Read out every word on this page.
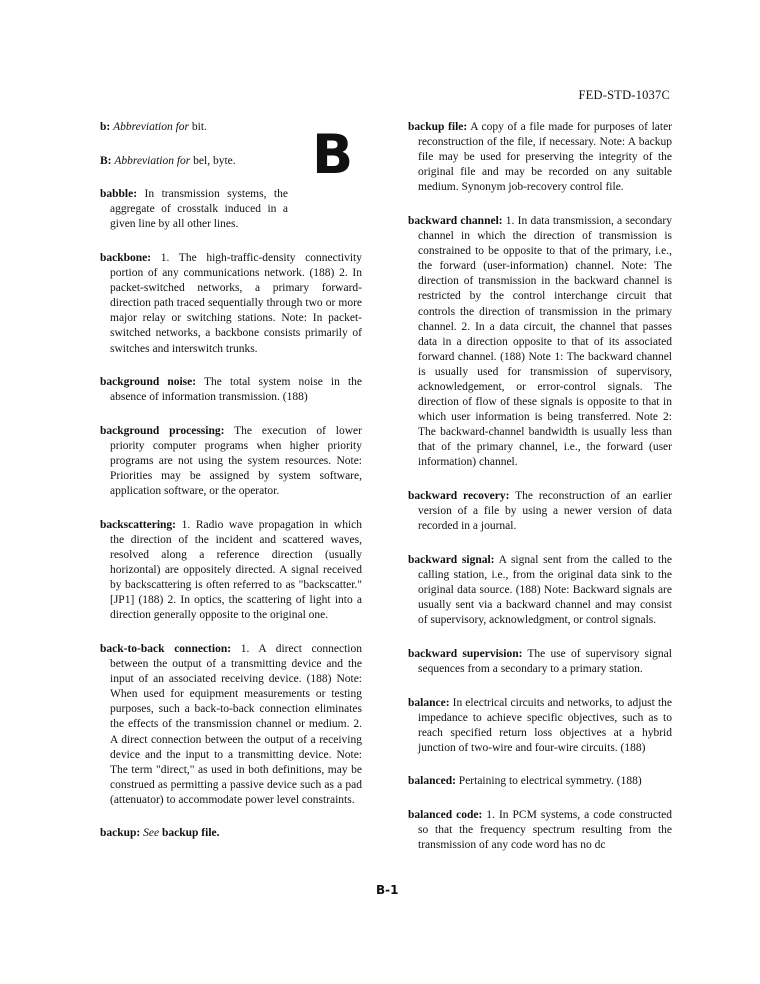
FED-STD-1037C
B

b: Abbreviation for bit.

B: Abbreviation for bel, byte.

babble: In transmission systems, the aggregate of crosstalk induced in a given line by all other lines.

backbone: 1. The high-traffic-density connectivity portion of any communications network. (188) 2. In packet-switched networks, a primary forward-direction path traced sequentially through two or more major relay or switching stations. Note: In packet-switched networks, a backbone consists primarily of switches and interswitch trunks.

background noise: The total system noise in the absence of information transmission. (188)

background processing: The execution of lower priority computer programs when higher priority programs are not using the system resources. Note: Priorities may be assigned by system software, application software, or the operator.

backscattering: 1. Radio wave propagation in which the direction of the incident and scattered waves, resolved along a reference direction (usually horizontal) are oppositely directed. A signal received by backscattering is often referred to as "backscatter." [JP1] (188) 2. In optics, the scattering of light into a direction generally opposite to the original one.

back-to-back connection: 1. A direct connection between the output of a transmitting device and the input of an associated receiving device. (188) Note: When used for equipment measurements or testing purposes, such a back-to-back connection eliminates the effects of the transmission channel or medium. 2. A direct connection between the output of a receiving device and the input to a transmitting device. Note: The term "direct," as used in both definitions, may be construed as permitting a passive device such as a pad (attenuator) to accommodate power level constraints.

backup: See backup file.

backup file: A copy of a file made for purposes of later reconstruction of the file, if necessary. Note: A backup file may be used for preserving the integrity of the original file and may be recorded on any suitable medium. Synonym job-recovery control file.

backward channel: 1. In data transmission, a secondary channel in which the direction of transmission is constrained to be opposite to that of the primary, i.e., the forward (user-information) channel. Note: The direction of transmission in the backward channel is restricted by the control interchange circuit that controls the direction of transmission in the primary channel. 2. In a data circuit, the channel that passes data in a direction opposite to that of its associated forward channel. (188) Note 1: The backward channel is usually used for transmission of supervisory, acknowledgement, or error-control signals. The direction of flow of these signals is opposite to that in which user information is being transferred. Note 2: The backward-channel bandwidth is usually less than that of the primary channel, i.e., the forward (user information) channel.

backward recovery: The reconstruction of an earlier version of a file by using a newer version of data recorded in a journal.

backward signal: A signal sent from the called to the calling station, i.e., from the original data sink to the original data source. (188) Note: Backward signals are usually sent via a backward channel and may consist of supervisory, acknowledgment, or control signals.

backward supervision: The use of supervisory signal sequences from a secondary to a primary station.

balance: In electrical circuits and networks, to adjust the impedance to achieve specific objectives, such as to reach specified return loss objectives at a hybrid junction of two-wire and four-wire circuits. (188)

balanced: Pertaining to electrical symmetry. (188)

balanced code: 1. In PCM systems, a code constructed so that the frequency spectrum resulting from the transmission of any code word has no dc

B-1
